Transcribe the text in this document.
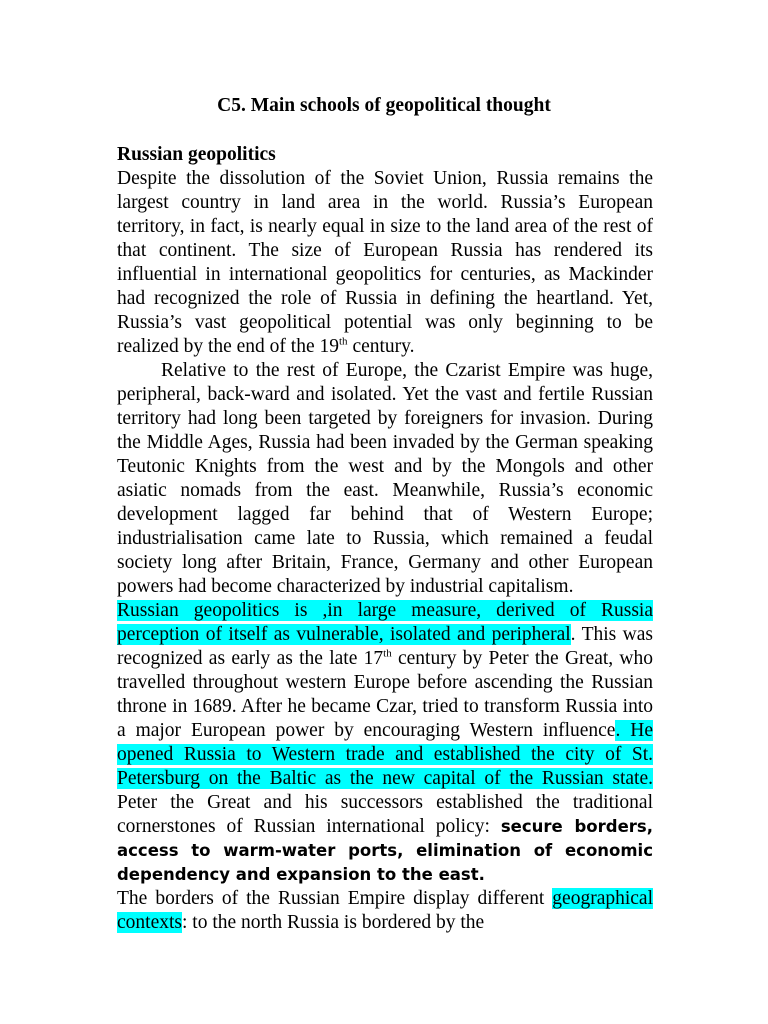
C5. Main schools of geopolitical thought
Russian geopolitics

Despite the dissolution of the Soviet Union, Russia remains the largest country in land area in the world. Russia’s European territory, in fact, is nearly equal in size to the land area of the rest of that continent. The size of European Russia has rendered its influential in international geopolitics for centuries, as Mackinder had recognized the role of Russia in defining the heartland. Yet, Russia’s vast geopolitical potential was only beginning to be realized by the end of the 19th century.

Relative to the rest of Europe, the Czarist Empire was huge, peripheral, back-ward and isolated. Yet the vast and fertile Russian territory had long been targeted by foreigners for invasion. During the Middle Ages, Russia had been invaded by the German speaking Teutonic Knights from the west and by the Mongols and other asiatic nomads from the east. Meanwhile, Russia’s economic development lagged far behind that of Western Europe; industrialisation came late to Russia, which remained a feudal society long after Britain, France, Germany and other European powers had become characterized by industrial capitalism.

Russian geopolitics is ,in large measure, derived of Russia perception of itself as vulnerable, isolated and peripheral. This was recognized as early as the late 17th century by Peter the Great, who travelled throughout western Europe before ascending the Russian throne in 1689. After he became Czar, tried to transform Russia into a major European power by encouraging Western influence. He opened Russia to Western trade and established the city of St. Petersburg on the Baltic as the new capital of the Russian state. Peter the Great and his successors established the traditional cornerstones of Russian international policy: secure borders, access to warm-water ports, elimination of economic dependency and expansion to the east.

The borders of the Russian Empire display different geographical contexts: to the north Russia is bordered by the
